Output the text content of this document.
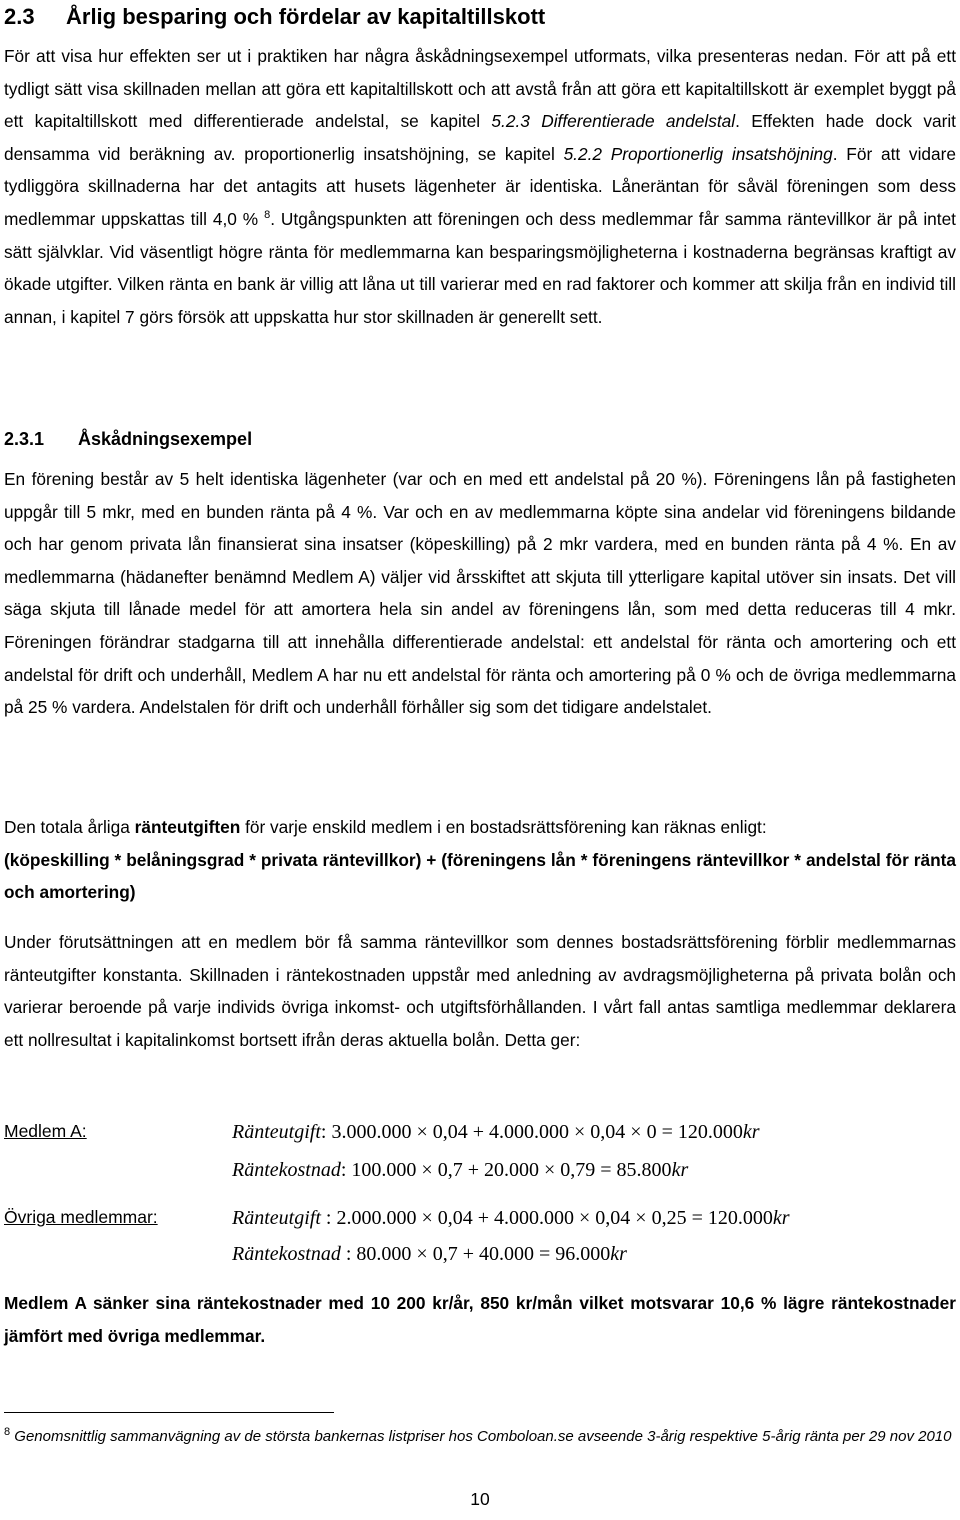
2.3 Årlig besparing och fördelar av kapitaltillskott

För att visa hur effekten ser ut i praktiken har några åskådningsexempel utformats, vilka presenteras nedan. För att på ett tydligt sätt visa skillnaden mellan att göra ett kapitaltillskott och att avstå från att göra ett kapitaltillskott är exemplet byggt på ett kapitaltillskott med differentierade andelstal, se kapitel 5.2.3 Differentierade andelstal. Effekten hade dock varit densamma vid beräkning av. proportionerlig insatshöjning, se kapitel 5.2.2 Proportionerlig insatshöjning. För att vidare tydliggöra skillnaderna har det antagits att husets lägenheter är identiska. Låneräntan för såväl föreningen som dess medlemmar uppskattas till 4,0 % $^8$. Utgångspunkten att föreningen och dess medlemmar får samma räntevillkor är på intet sätt självklar. Vid väsentligt högre ränta för medlemmarna kan besparingsmöjligheterna i kostnaderna begränsas kraftigt av ökade utgifter. Vilken ränta en bank är villig att låna ut till varierar med en rad faktorer och kommer att skilja från en individ till annan, i kapitel 7 görs försök att uppskatta hur stor skillnaden är generellt sett.

2.3.1 Åskådningsexempel

En förening består av 5 helt identiska lägenheter (var och en med ett andelstal på 20 %). Föreningens lån på fastigheten uppgår till 5 mkr, med en bunden ränta på 4 %. Var och en av medlemmarna köpte sina andelar vid föreningens bildande och har genom privata lån finansierat sina insatser (köpeskilling) på 2 mkr vardera, med en bunden ränta på 4 %. En av medlemmarna (hädanefter benämnd Medlem A) väljer vid årsskiftet att skjuta till ytterligare kapital utöver sin insats. Det vill säga skjuta till lånade medel för att amortera hela sin andel av föreningens lån, som med detta reduceras till 4 mkr. Föreningen förändrar stadgarna till att innehålla differentierade andelstal: ett andelstal för ränta och amortering och ett andelstal för drift och underhåll, Medlem A har nu ett andelstal för ränta och amortering på 0 % och de övriga medlemmarna på 25 % vardera. Andelstalen för drift och underhåll förhåller sig som det tidigare andelstalet.

Den totala årliga ränteutgiften för varje enskild medlem i en bostadsrättsförening kan räknas enligt:
(köpeskilling * belåningsgrad * privata räntevillkor) + (föreningens lån * föreningens räntevillkor * andelstal för ränta och amortering)

Under förutsättningen att en medlem bör få samma räntevillkor som dennes bostadsrättsförening förblir medlemmarnas ränteutgifter konstanta. Skillnaden i räntekostnaden uppstår med anledning av avdragsmöjligheterna på privata bolån och varierar beroende på varje individs övriga inkomst- och utgiftsförhållanden. I vårt fall antas samtliga medlemmar deklarera ett nollresultat i kapitalinkomst bortsett ifrån deras aktuella bolån. Detta ger:

Medlem A:	Ränteutgift: 3.000.000 × 0,04 + 4.000.000 × 0,04 × 0 = 120.000kr
Räntekostnad: 100.000 × 0,7 + 20.000 × 0,79 = 85.800kr
Övriga medlemmar:	Ränteutgift : 2.000.000 × 0,04 + 4.000.000 × 0,04 × 0,25 = 120.000kr
Räntekostnad : 80.000 × 0,7 + 40.000 = 96.000kr

Medlem A sänker sina räntekostnader med 10 200 kr/år, 850 kr/mån vilket motsvarar 10,6 % lägre räntekostnader jämfört med övriga medlemmar.

$^8$ Genomsnittlig sammanvägning av de största bankernas listpriser hos Comboloan.se avseende 3-årig respektive 5-årig ränta per 29 nov 2010

10
